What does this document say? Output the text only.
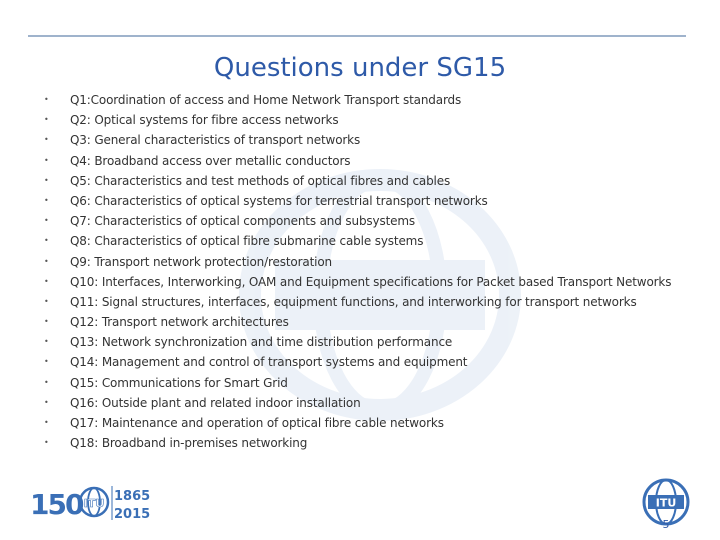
Questions under SG15
•	Q1:Coordination of access and Home Network Transport standards
•	Q2: Optical systems for fibre access networks
•	Q3: General characteristics of transport networks
•	Q4: Broadband access over metallic conductors
•	Q5: Characteristics and test methods of optical fibres and cables
•	Q6: Characteristics of optical systems for terrestrial transport networks
•	Q7: Characteristics of optical components and subsystems
•	Q8: Characteristics of optical fibre submarine cable systems
•	Q9: Transport network protection/restoration
•	Q10: Interfaces, Interworking, OAM and Equipment specifications for Packet based Transport Networks
•	Q11: Signal structures, interfaces, equipment functions, and interworking for transport networks
•	Q12: Transport network architectures
•	Q13: Network synchronization and time distribution performance
•	Q14: Management and control of transport systems and equipment
•	Q15: Communications for Smart Grid
•	Q16: Outside plant and related indoor installation
•	Q17: Maintenance and operation of optical fibre cable networks
•	Q18: Broadband in-premises networking
150 ITU 1865
2015
ITU
5
